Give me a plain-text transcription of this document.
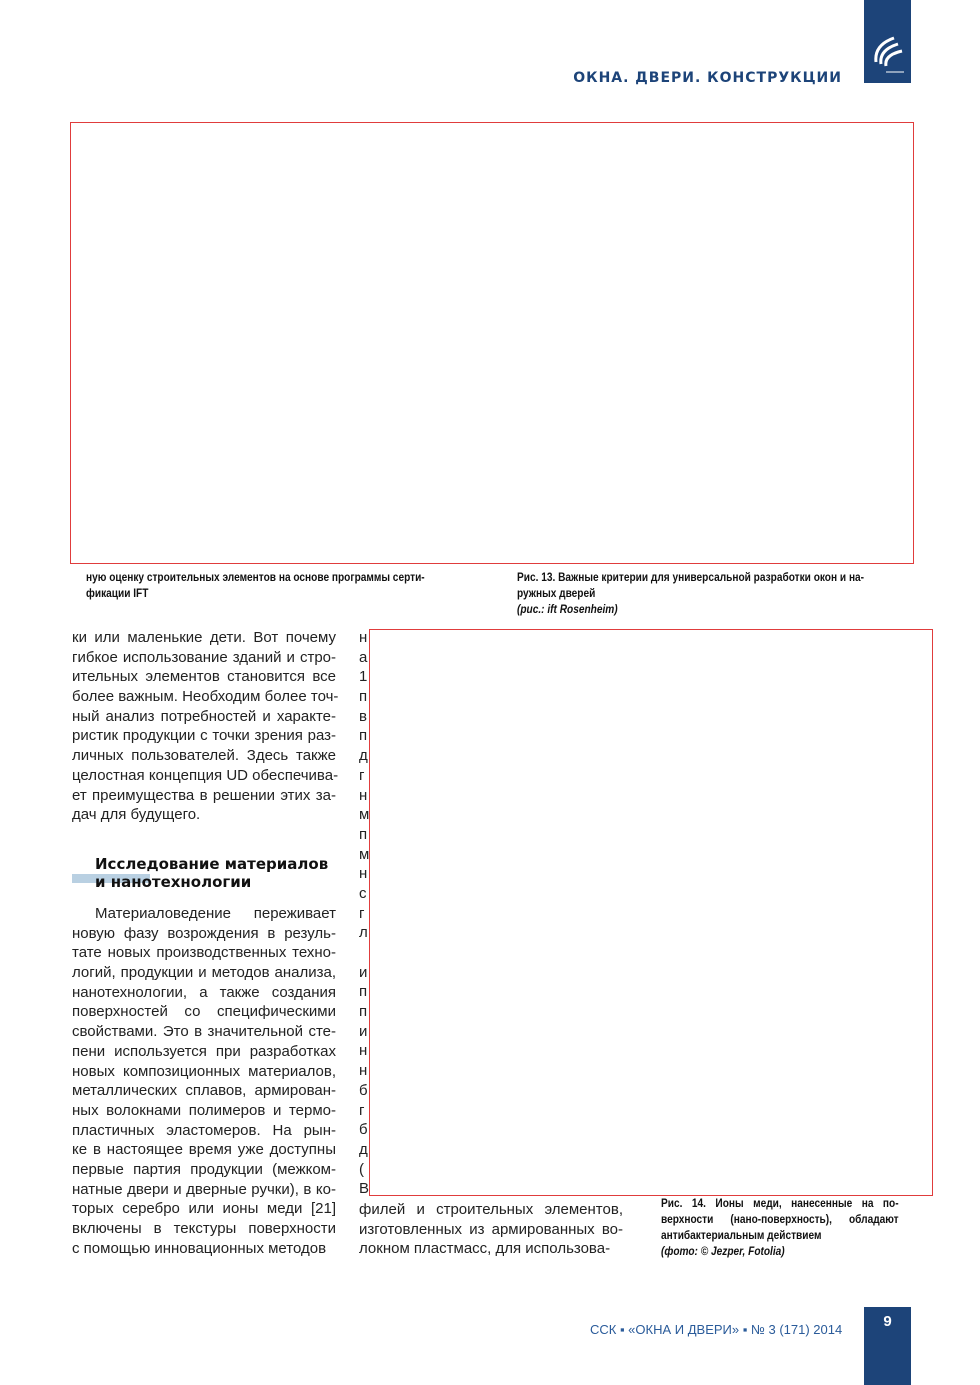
ОКНА. ДВЕРИ. КОНСТРУКЦИИ
ную оценку строительных элементов на основе программы серти-
фикации IFT
Рис. 13. Важные критерии для универсальной разработки окон и на-
ружных дверей
(рис.: ift Rosenheim)
ки или маленькие дети. Вот почему
гибкое использование зданий и стро-
ительных элементов становится все
более важным. Необходим более точ-
ный анализ потребностей и характе-
ристик продукции с точки зрения раз-
личных пользователей. Здесь также
целостная концепция UD обеспечива-
ет преимущества в решении этих за-
дач для будущего.
Исследование материалов
и нанотехнологии
Материаловедение переживает
новую фазу возрождения в резуль-
тате новых производственных техно-
логий, продукции и методов анализа,
нанотехнологии, а также создания
поверхностей со специфическими
свойствами. Это в значительной сте-
пени используется при разработках
новых композиционных материалов,
металлических сплавов, армирован-
ных волокнами полимеров и термо-
пластичных эластомеров. На рын-
ке в настоящее время уже доступны
первые партия продукции (межком-
натные двери и дверные ручки), в ко-
торых серебро или ионы меди [21]
включены в текстуры поверхности
с помощью инновационных методов
н
а
1
п
в
п
д
г
н
м
п
м
н
с
г
л
и
п
п
и
н
н
б
г
б
д
(
В
филей и строительных элементов,
изготовленных из армированных во-
локном пластмасс, для использова-
Рис. 14. Ионы меди, нанесенные на по-
верхности (нано-поверхность), обладают
антибактериальным действием
(фото: © Jezper, Fotolia)
ССК ▪ «ОКНА И ДВЕРИ» ▪ № 3 (171) 2014	9
